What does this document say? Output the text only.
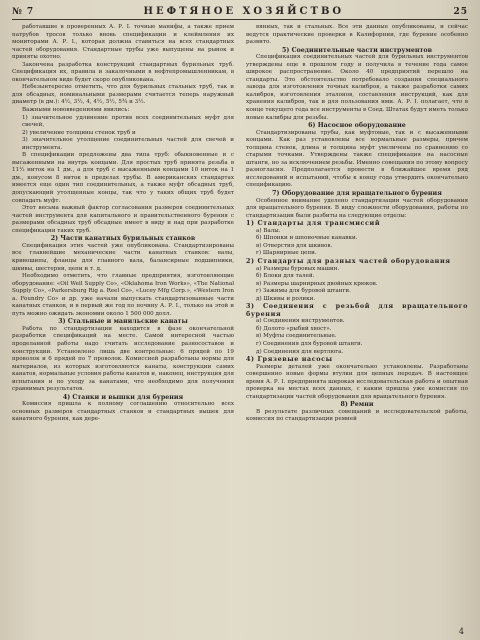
№ 7	НЕФТЯНОЕ ХОЗЯЙСТВО	25

работавшие в проверенных А. Р. I. точные манифы, а также прием патрубов тросов только вновь спецификации и клеймления их мониторами А. Р. I., которая должна ставиться на всех стандартных частей оборудования. Стандартные трубы уже выпущены на рынок и приняты охотно.

Закончена разработка конструкций стандартных бурильных труб. Спецификация их, правила и закалочными в нефтепромышленникам, в окончательном виде будет скоро опубликована.

Небезынтересно отметить, что для бурильных стальных труб, так и для обсадных, номинальными размерами считается теперь наружный диаметр (в дм.): 4½, 3½, 4, 4½, 5½, 5¾ и 3½.

Важными нововведениями явились:

1) значительное удлинение против всех соединительных муфт для свечей,

2) увеличение толщины стенок труб и

3) значительное утолщение соединительных частей для свечей и инструмента.

В спецификации предложены два типа труб: обыкновенные и с высаженными на внутрь концами. Для простых труб принята резьба в 11½ ниток на 1 дм., а для труб с высаженными концами 10 ниток на 1 дм., конусом 8 ниток в пределах трубы. В американских стандартах имеется еще один тип соединительных, а также муфт обсадных труб, допускающий утолщенные концы, так что у таких общих труб будет совпадать муфт.

Этот весьма важный фактор согласования размеров соединительных частей инструмента для капитального и правительственного бурения с размерами обсадных труб обсадные имеет в виду и над при разработке спецификации таких труб.

2) Части канатных бурильных станков

Спецификация этих частей уже опубликована. Стандартизированы все главнейшие механические части канатных станков: валы, кривошипы, фланцы для главного вала, балансирные подшипники, шкивы, шестерни, цепи и т. д.

Необходимо отметить, что главные предприятия, изготовляющие оборудование: «Oil Well Supply Co», «Oklahoma Iron Works», «The National Supply Co», «Parkersburg Rig a. Reel Co», «Lucey Mfg Corp.», «Western Iron a. Foundry Co» и др. уже начали выпускать стандартизованные части канатных станков, и в первый же год по почину А. Р. I., только на этой и путь можно ожидать экономии около 1 500 000 долл.

3) Стальные и манильские канаты

Работа по стандартизации находится в фазе окончательной разработки спецификаций на месте. Самой интересной частью проделанной работы надо считать исследование разносоставов и конструкции. Установлено лишь две контрольные: 6 прядей по 19 проволок и 6 прядей по 7 проволок. Комиссией разработаны нормы для материалов, из которых изготовляются канаты, конструкции самих канатов, нормальные условия работы канатов и, наконец, инструкция для испытания и по уходу за канатами, что необходимо для получения сравнимых результатов.

4) Станки и вышки для бурения

Комиссия пришла к полному соглашению относительно всех основных размеров стандартных станков и стандартных вышек для канатного бурения, как дере-

вянных, так и стальных. Все эти данные опубликованы, и сейчас ведутся практические проверки в Калифорнии, где бурение особенно развито.

5) Соединительные части инструментов

Спецификация соединительных частей для бурильных инструментов утверждены еще в прошлом году и получила в течение года самое широкое распространение. Около 40 предприятий перешло на стандарты. Это обстоятельство потребовало создания специального завода для изготовления точных калибров, а также разработки самих калибров, изготовления эталонов, составления инструкций, как для хранения калибров, так и для пользования ими. А. Р. I. полагает, что в конце текущего года все инструменты в Соед. Штатах будут иметь только новые калибры для резьбы.

6) Насосное оборудование

Стандартизированы трубы, как муфтовые, так и с высаженными концами. Как раз установлены все нормальные размеры, причем толщина стенок, длина и толщина муфт увеличены по сравнению со старыми точками. Утверждены также спецификация на насосные штанги, но за исключением резьбы. Именно совещания по этому вопросу разногласия. Предполагается провести в ближайшее время ряд исследований и испытаний, чтобы к концу года утвердить окончательно спецификацию.

7) Оборудование для вращательного бурения

Особенное внимание уделено стандартизации частей оборудования для вращательного бурения. В виду сложности оборудования, работы по стандартизации были разбиты на следующие отделы:

1) Стандарты для трансмиссий

а) Валы.

б) Шпонки и шпоночные канавки.

в) Отверстия для шкивов.

г) Шарнирные цепи.

2) Стандарты для разных частей оборудования

а) Размеры буровых машин.

б) Блоки для талей.

в) Размеры шарнирных двойных крюков.

г) Зажимы для буровой штанги.

д) Шкивы и ролики.

3) Соединения с резьбой для вращательного бурения

а) Соединения инструментов.

б) Долото «рыбий хвост».

в) Муфты соединительные.

г) Соединения для буровой штанги.

д) Соединения для вертлюга.

4) Грязевые насосы

Размеры деталей уже окончательно установлены. Разработаны совершенно новые формы втулки для цепных передач. В настоящее время А. Р. I. предпринята широкая исследовательская работа и опытная проверка на местах всех данных, с каким пришла уже комиссия по стандартизации частей оборудования для вращательного бурения.

8) Ремни

В результате различных совещаний и исследовательской работы, комиссия по стандартизации ремней

4
